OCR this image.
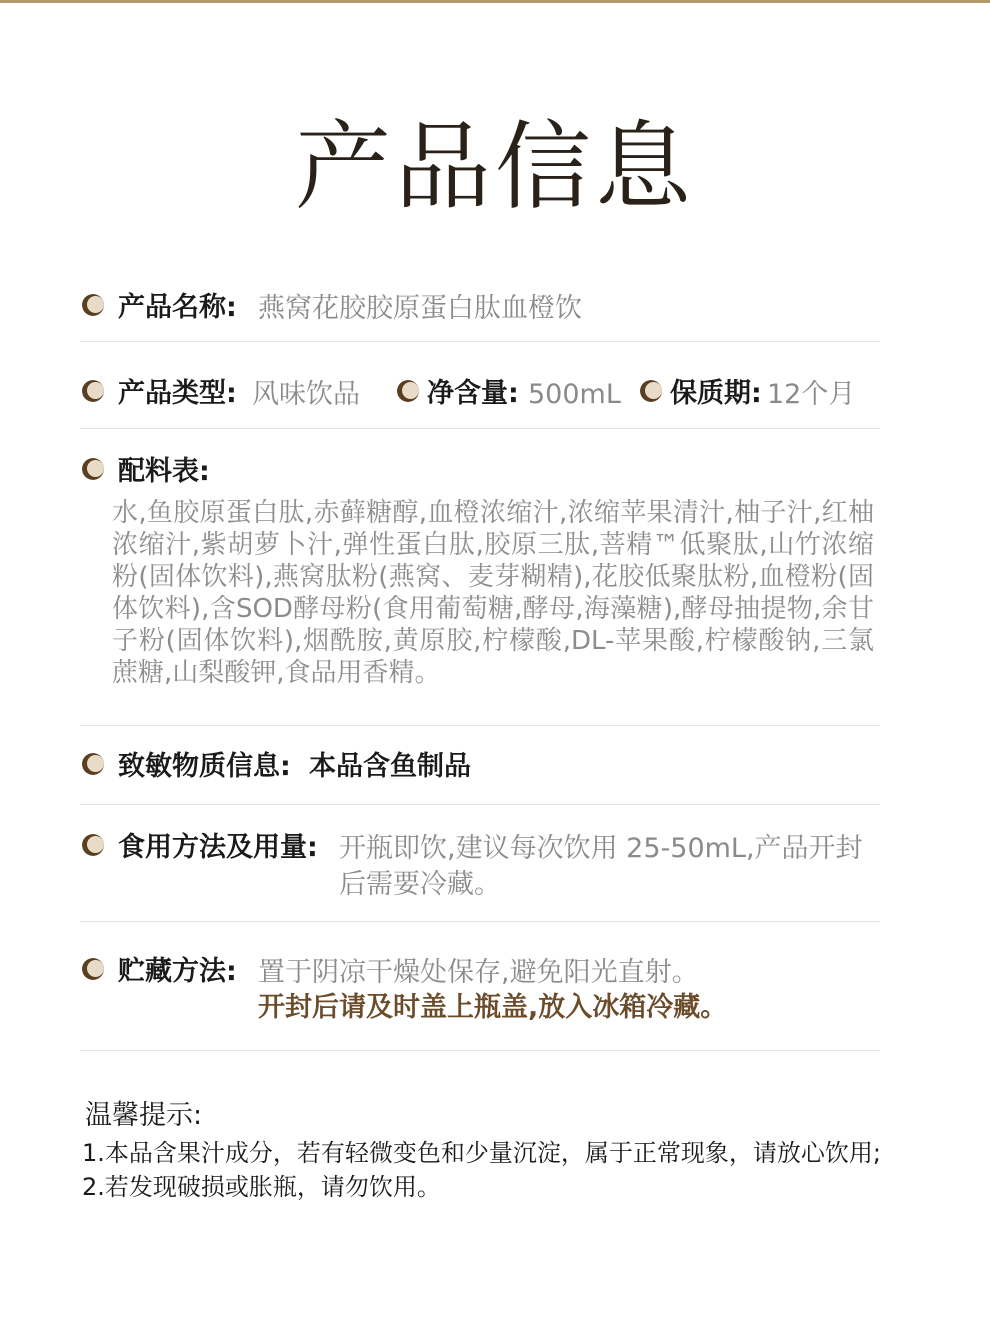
产品信息
产品名称: 燕窝花胶胶原蛋白肽血橙饮
产品类型: 风味饮品 净含量: 500mL 保质期: 12个月
配料表:
水,鱼胶原蛋白肽,赤藓糖醇,血橙浓缩汁,浓缩苹果清汁,柚子汁,红柚浓缩汁,紫胡萝卜汁,弹性蛋白肽,胶原三肽,菩精™低聚肽,山竹浓缩粉(固体饮料),燕窝肽粉(燕窝、麦芽糊精),花胶低聚肽粉,血橙粉(固体饮料),含SOD酵母粉(食用葡萄糖,酵母,海藻糖),酵母抽提物,余甘子粉(固体饮料),烟酰胺,黄原胶,柠檬酸,DL-苹果酸,柠檬酸钠,三氯蔗糖,山梨酸钾,食品用香精。
致敏物质信息: 本品含鱼制品
食用方法及用量: 开瓶即饮,建议每次饮用 25-50mL,产品开封后需要冷藏。
贮藏方法: 置于阴凉干燥处保存,避免阳光直射。
开封后请及时盖上瓶盖,放入冰箱冷藏。
温馨提示:
1.本品含果汁成分，若有轻微变色和少量沉淀，属于正常现象，请放心饮用;
2.若发现破损或胀瓶，请勿饮用。
